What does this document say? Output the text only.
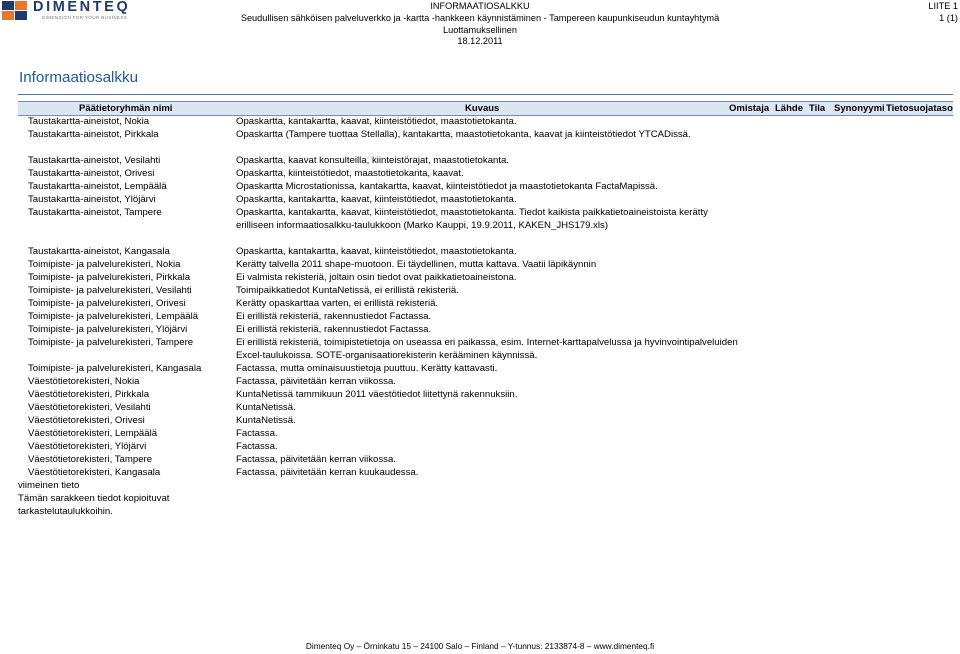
DIMENTEQ
DIMENSION FOR YOUR BUSINESS
INFORMAATIOSALKKU
Seudullisen sähköisen palveluverkko ja -kartta -hankkeen käynnistäminen - Tampereen kaupunkiseudun kuntayhtymä
Luottamuksellinen
18.12.2011
LIITE 1
1 (1)
Informaatiosalkku
Päätietoryhmän nimi	Kuvaus	Omistaja Lähde Tila Synonyymi Tietosuojataso
Taustakartta-aineistot, Nokia	Opaskartta, kantakartta, kaavat, kiinteistötiedot, maastotietokanta.
Taustakartta-aineistot, Pirkkala	Opaskartta (Tampere tuottaa Stellalla), kantakartta, maastotietokanta, kaavat ja kiinteistötiedot YTCADissä.
Taustakartta-aineistot, Vesilahti	Opaskartta, kaavat konsulteilla, kiinteistörajat, maastotietokanta.
Taustakartta-aineistot, Orivesi	Opaskartta, kiinteistötiedot, maastotietokanta, kaavat.
Taustakartta-aineistot, Lempäälä	Opaskartta Microstationissa, kantakartta, kaavat, kiinteistötiedot ja maastotietokanta FactaMapissä.
Taustakartta-aineistot, Ylöjärvi	Opaskartta, kantakartta, kaavat, kiinteistötiedot, maastotietokanta.
Taustakartta-aineistot, Tampere	Opaskartta, kantakartta, kaavat, kiinteistötiedot, maastotietokanta. Tiedot kaikista paikkatietoaineistoista kerätty
erilliseen informaatiosalkku-taulukkoon (Marko Kauppi, 19.9.2011, KAKEN_JHS179.xls)
Taustakartta-aineistot, Kangasala	Opaskartta, kantakartta, kaavat, kiinteistötiedot, maastotietokanta.
Toimipiste- ja palvelurekisteri, Nokia	Kerätty talvella 2011 shape-muotoon. Ei täydellinen, mutta kattava. Vaatii läpikäynnin
Toimipiste- ja palvelurekisteri, Pirkkala	Ei valmista rekisteriä, joltain osin tiedot ovat paikkatietoaineistona.
Toimipiste- ja palvelurekisteri, Vesilahti	Toimipaikkatiedot KuntaNetissä, ei erillistä rekisteriä.
Toimipiste- ja palvelurekisteri, Orivesi	Kerätty opaskarttaa varten, ei erillistä rekisteriä.
Toimipiste- ja palvelurekisteri, Lempäälä	Ei erillistä rekisteriä, rakennustiedot Factassa.
Toimipiste- ja palvelurekisteri, Ylöjärvi	Ei erillistä rekisteriä, rakennustiedot Factassa.
Toimipiste- ja palvelurekisteri, Tampere	Ei erillistä rekisteriä, toimipistetietoja on useassa eri paikassa, esim. Internet-karttapalvelussa ja hyvinvointipalveluiden
Excel-taulukoissa. SOTE-organisaatiorekisterin kerääminen käynnissä.
Toimipiste- ja palvelurekisteri, Kangasala	Factassa, mutta ominaisuustietoja puuttuu. Kerätty kattavasti.
Väestötietorekisteri, Nokia	Factassa, päivitetään kerran viikossa.
Väestötietorekisteri, Pirkkala	KuntaNetissä tammikuun 2011 väestötiedot liitettynä rakennuksiin.
Väestötietorekisteri, Vesilahti	KuntaNetissä.
Väestötietorekisteri, Orivesi	KuntaNetissä.
Väestötietorekisteri, Lempäälä	Factassa.
Väestötietorekisteri, Ylöjärvi	Factassa.
Väestötietorekisteri, Tampere	Factassa, päivitetään kerran viikossa.
Väestötietorekisteri, Kangasala	Factassa, päivitetään kerran kuukaudessa.
viimeinen tieto
Tämän sarakkeen tiedot kopioituvat
tarkastelutaulukkoihin.
Dimenteq Oy – Örninkatu 15 – 24100 Salo – Finland – Y-tunnus: 2133874-8 – www.dimenteq.fi
